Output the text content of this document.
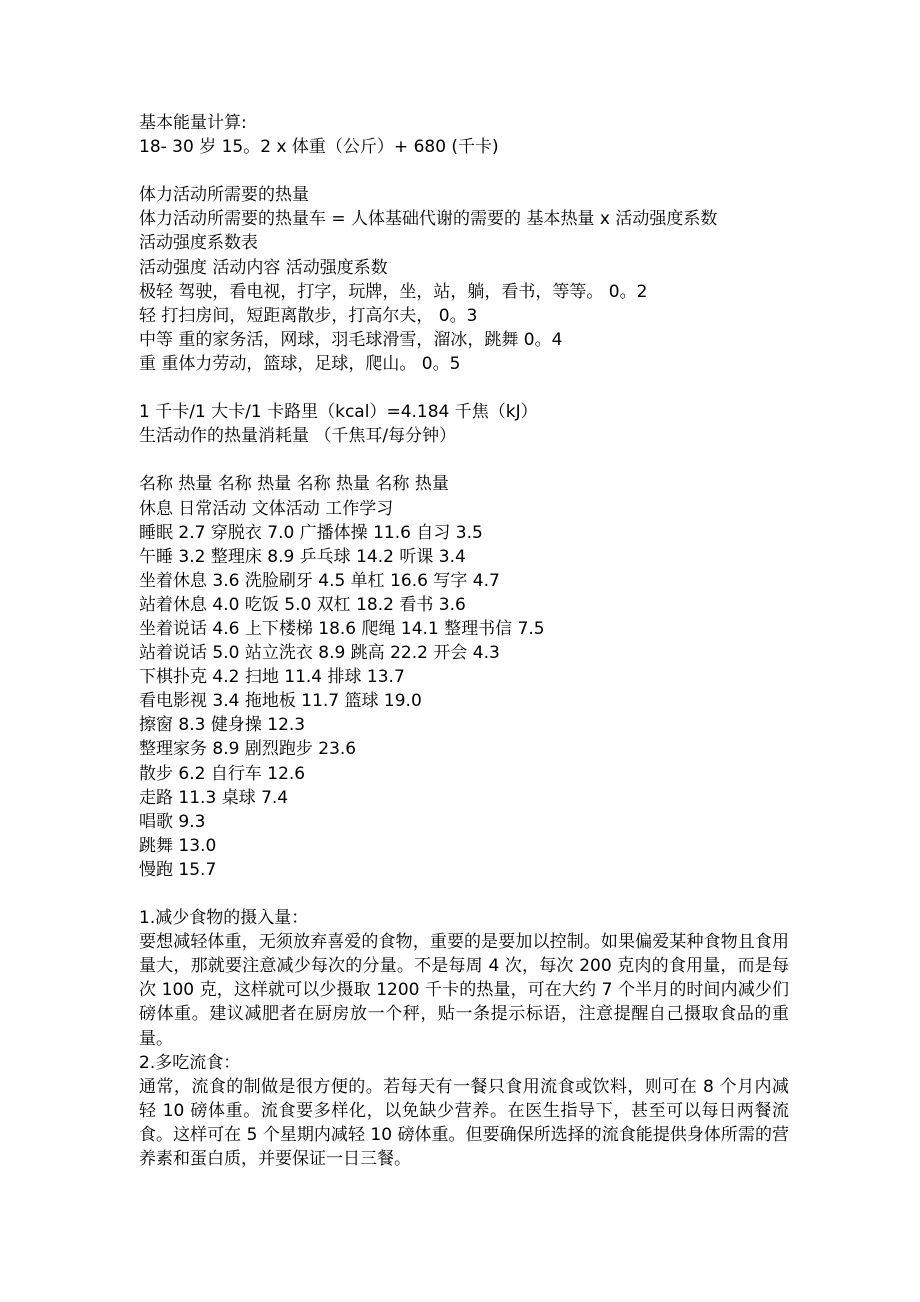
基本能量计算:
18- 30 岁 15。2 x 体重（公斤）+ 680 (千卡)
体力活动所需要的热量
体力活动所需要的热量车 = 人体基础代谢的需要的 基本热量 x 活动强度系数
活动强度系数表
活动强度 活动内容 活动强度系数
极轻 驾驶，看电视，打字，玩牌，坐，站，躺，看书，等等。 0。2
轻 打扫房间，短距离散步，打高尔夫， 0。3
中等 重的家务活，网球，羽毛球滑雪，溜冰，跳舞 0。4
重 重体力劳动，篮球，足球，爬山。 0。5
1 千卡/1 大卡/1 卡路里（kcal）=4.184 千焦（kJ）
生活动作的热量消耗量 （千焦耳/每分钟）
名称 热量 名称 热量 名称 热量 名称 热量
休息 日常活动 文体活动 工作学习
睡眠 2.7 穿脱衣 7.0 广播体操 11.6 自习 3.5
午睡 3.2 整理床 8.9 乒乓球 14.2 听课 3.4
坐着休息 3.6 洗脸刷牙 4.5 单杠 16.6 写字 4.7
站着休息 4.0 吃饭 5.0 双杠 18.2 看书 3.6
坐着说话 4.6 上下楼梯 18.6 爬绳 14.1 整理书信 7.5
站着说话 5.0 站立洗衣 8.9 跳高 22.2 开会 4.3
下棋扑克 4.2 扫地 11.4 排球 13.7
看电影视 3.4 拖地板 11.7 篮球 19.0
擦窗 8.3 健身操 12.3
整理家务 8.9 剧烈跑步 23.6
散步 6.2 自行车 12.6
走路 11.3 桌球 7.4
唱歌 9.3
跳舞 13.0
慢跑 15.7
1.减少食物的摄入量：
要想减轻体重，无须放弃喜爱的食物，重要的是要加以控制。如果偏爱某种食物且食用量大，那就要注意减少每次的分量。不是每周 4 次，每次 200 克肉的食用量，而是每次 100 克，这样就可以少摄取 1200 千卡的热量，可在大约 7 个半月的时间内减少们磅体重。建议减肥者在厨房放一个秤，贴一条提示标语，注意提醒自己摄取食品的重量。
2.多吃流食：
通常，流食的制做是很方便的。若每天有一餐只食用流食或饮料，则可在 8 个月内减轻 10 磅体重。流食要多样化，以免缺少营养。在医生指导下，甚至可以每日两餐流食。这样可在 5 个星期内减轻 10 磅体重。但要确保所选择的流食能提供身体所需的营养素和蛋白质，并要保证一日三餐。
